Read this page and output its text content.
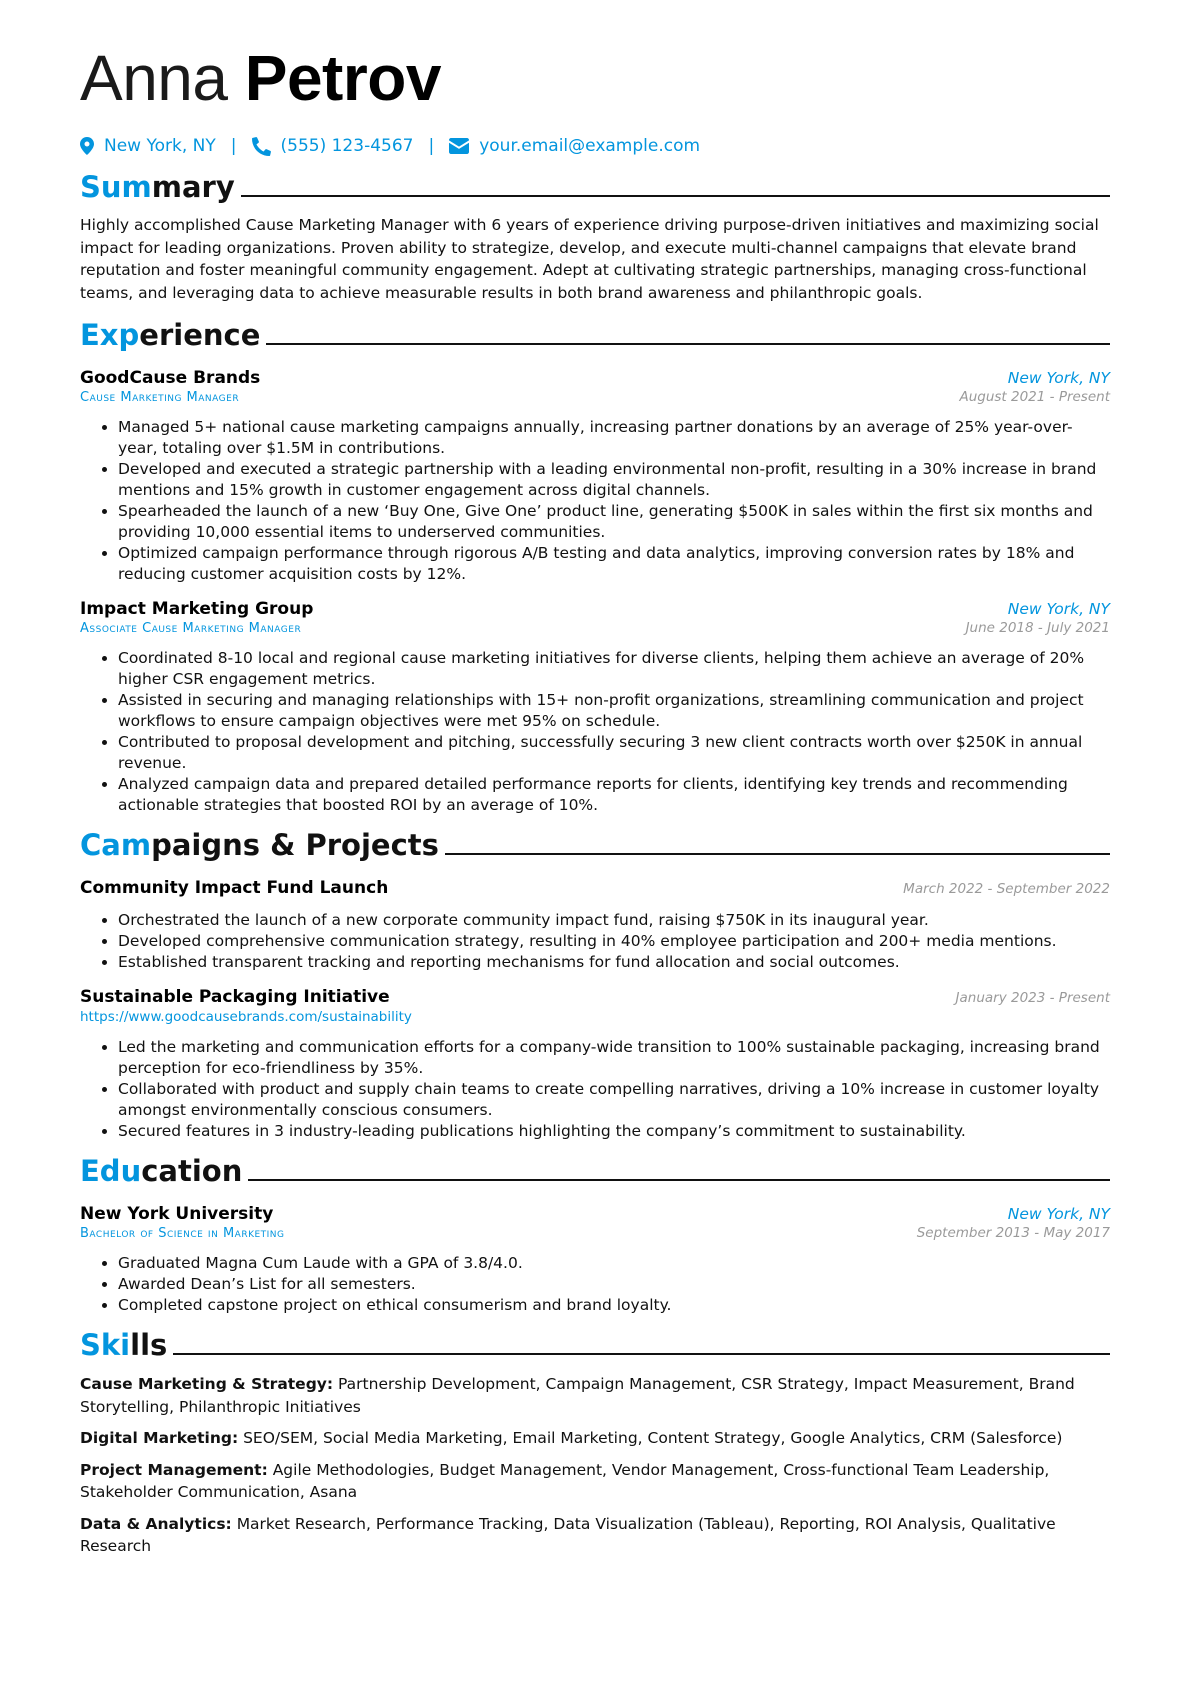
Anna Petrov
New York, NY |	(555) 123-4567 |	your.email@example.com
Summary

Highly accomplished Cause Marketing Manager with 6 years of experience driving purpose-driven initiatives and maximizing social impact for leading organizations. Proven ability to strategize, develop, and execute multi-channel campaigns that elevate brand reputation and foster meaningful community engagement. Adept at cultivating strategic partnerships, managing cross-functional teams, and leveraging data to achieve measurable results in both brand awareness and philanthropic goals.

Experience
GoodCause Brands	New York, NY
Cause Marketing Manager	August 2021 - Present
• Managed 5+ national cause marketing campaigns annually, increasing partner donations by an average of 25% year-over-year, totaling over $1.5M in contributions.
• Developed and executed a strategic partnership with a leading environmental non-profit, resulting in a 30% increase in brand mentions and 15% growth in customer engagement across digital channels.
• Spearheaded the launch of a new ‘Buy One, Give One’ product line, generating $500K in sales within the first six months and providing 10,000 essential items to underserved communities.
• Optimized campaign performance through rigorous A/B testing and data analytics, improving conversion rates by 18% and reducing customer acquisition costs by 12%.
Impact Marketing Group	New York, NY
Associate Cause Marketing Manager	June 2018 - July 2021
• Coordinated 8-10 local and regional cause marketing initiatives for diverse clients, helping them achieve an average of 20% higher CSR engagement metrics.
• Assisted in securing and managing relationships with 15+ non-profit organizations, streamlining communication and project workflows to ensure campaign objectives were met 95% on schedule.
• Contributed to proposal development and pitching, successfully securing 3 new client contracts worth over $250K in annual revenue.
• Analyzed campaign data and prepared detailed performance reports for clients, identifying key trends and recommending actionable strategies that boosted ROI by an average of 10%.
Campaigns & Projects
Community Impact Fund Launch	March 2022 - September 2022
• Orchestrated the launch of a new corporate community impact fund, raising $750K in its inaugural year.
• Developed comprehensive communication strategy, resulting in 40% employee participation and 200+ media mentions.
• Established transparent tracking and reporting mechanisms for fund allocation and social outcomes.
Sustainable Packaging Initiative	January 2023 - Present
https://www.goodcausebrands.com/sustainability
• Led the marketing and communication efforts for a company-wide transition to 100% sustainable packaging, increasing brand perception for eco-friendliness by 35%.
• Collaborated with product and supply chain teams to create compelling narratives, driving a 10% increase in customer loyalty amongst environmentally conscious consumers.
• Secured features in 3 industry-leading publications highlighting the company’s commitment to sustainability.
Education
New York University	New York, NY
Bachelor of Science in Marketing	September 2013 - May 2017
• Graduated Magna Cum Laude with a GPA of 3.8/4.0.
• Awarded Dean’s List for all semesters.
• Completed capstone project on ethical consumerism and brand loyalty.
Skills
Cause Marketing & Strategy: Partnership Development, Campaign Management, CSR Strategy, Impact Measurement, Brand Storytelling, Philanthropic Initiatives
Digital Marketing: SEO/SEM, Social Media Marketing, Email Marketing, Content Strategy, Google Analytics, CRM (Salesforce)
Project Management: Agile Methodologies, Budget Management, Vendor Management, Cross-functional Team Leadership, Stakeholder Communication, Asana
Data & Analytics: Market Research, Performance Tracking, Data Visualization (Tableau), Reporting, ROI Analysis, Qualitative Research
